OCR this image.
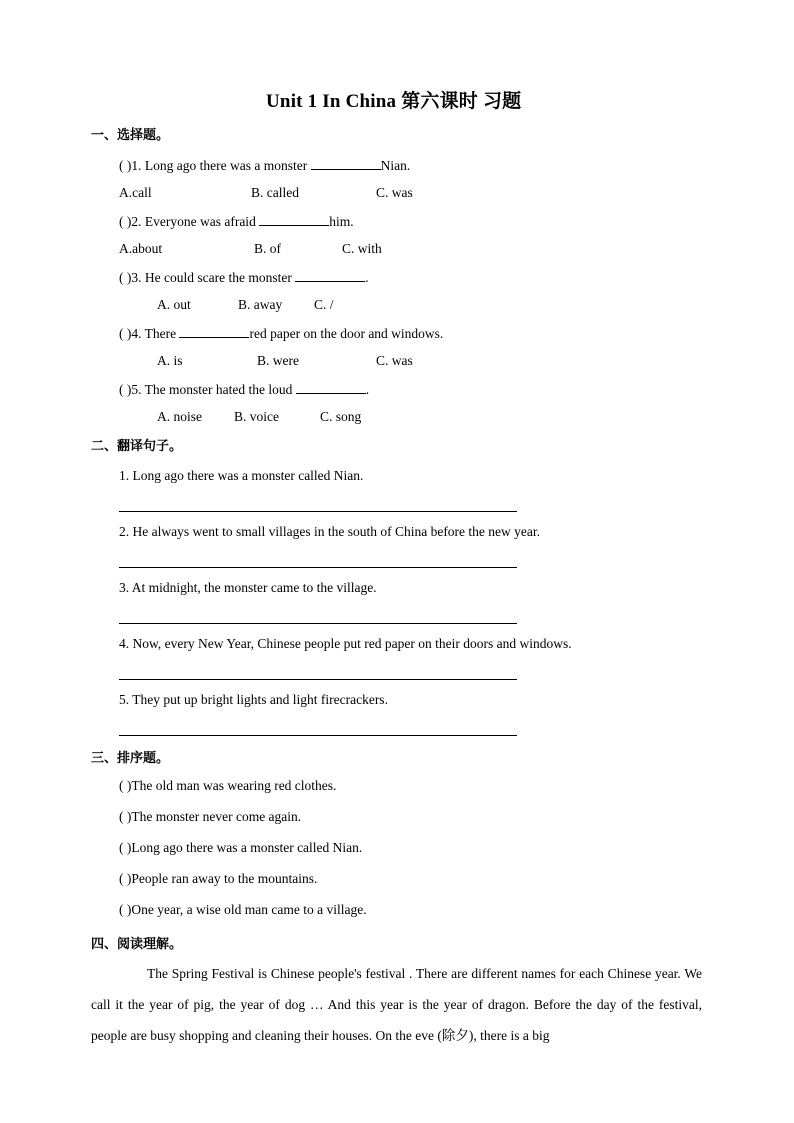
Unit 1 In China 第六课时 习题
一、选择题。
( )1. Long ago there was a monster	Nian.
A.call	B. called	C. was
( )2. Everyone was afraid	him.
A.about	B. of	C. with
( )3. He could scare the monster	.
A. out	B. away C. /
( )4. There	red paper on the door and windows.
A. is	B. were	C. was
( )5. The monster hated the loud	.
A. noise B. voice	C. song
二、翻译句子。
1. Long ago there was a monster called Nian.
2. He always went to small villages in the south of China before the new year.
3. At midnight, the monster came to the village.
4. Now, every New Year, Chinese people put red paper on their doors and windows.
5. They put up bright lights and light firecrackers.
三、排序题。
( )The old man was wearing red clothes.
( )The monster never come again.
( )Long ago there was a monster called Nian.
( )People ran away to the mountains.
( )One year, a wise old man came to a village.
四、阅读理解。
The Spring Festival is Chinese people's festival . There are different names for each Chinese year. We call it the year of pig, the year of dog … And this year is the year of dragon. Before the day of the festival, people are busy shopping and cleaning their houses. On the eve (除夕), there is a big
